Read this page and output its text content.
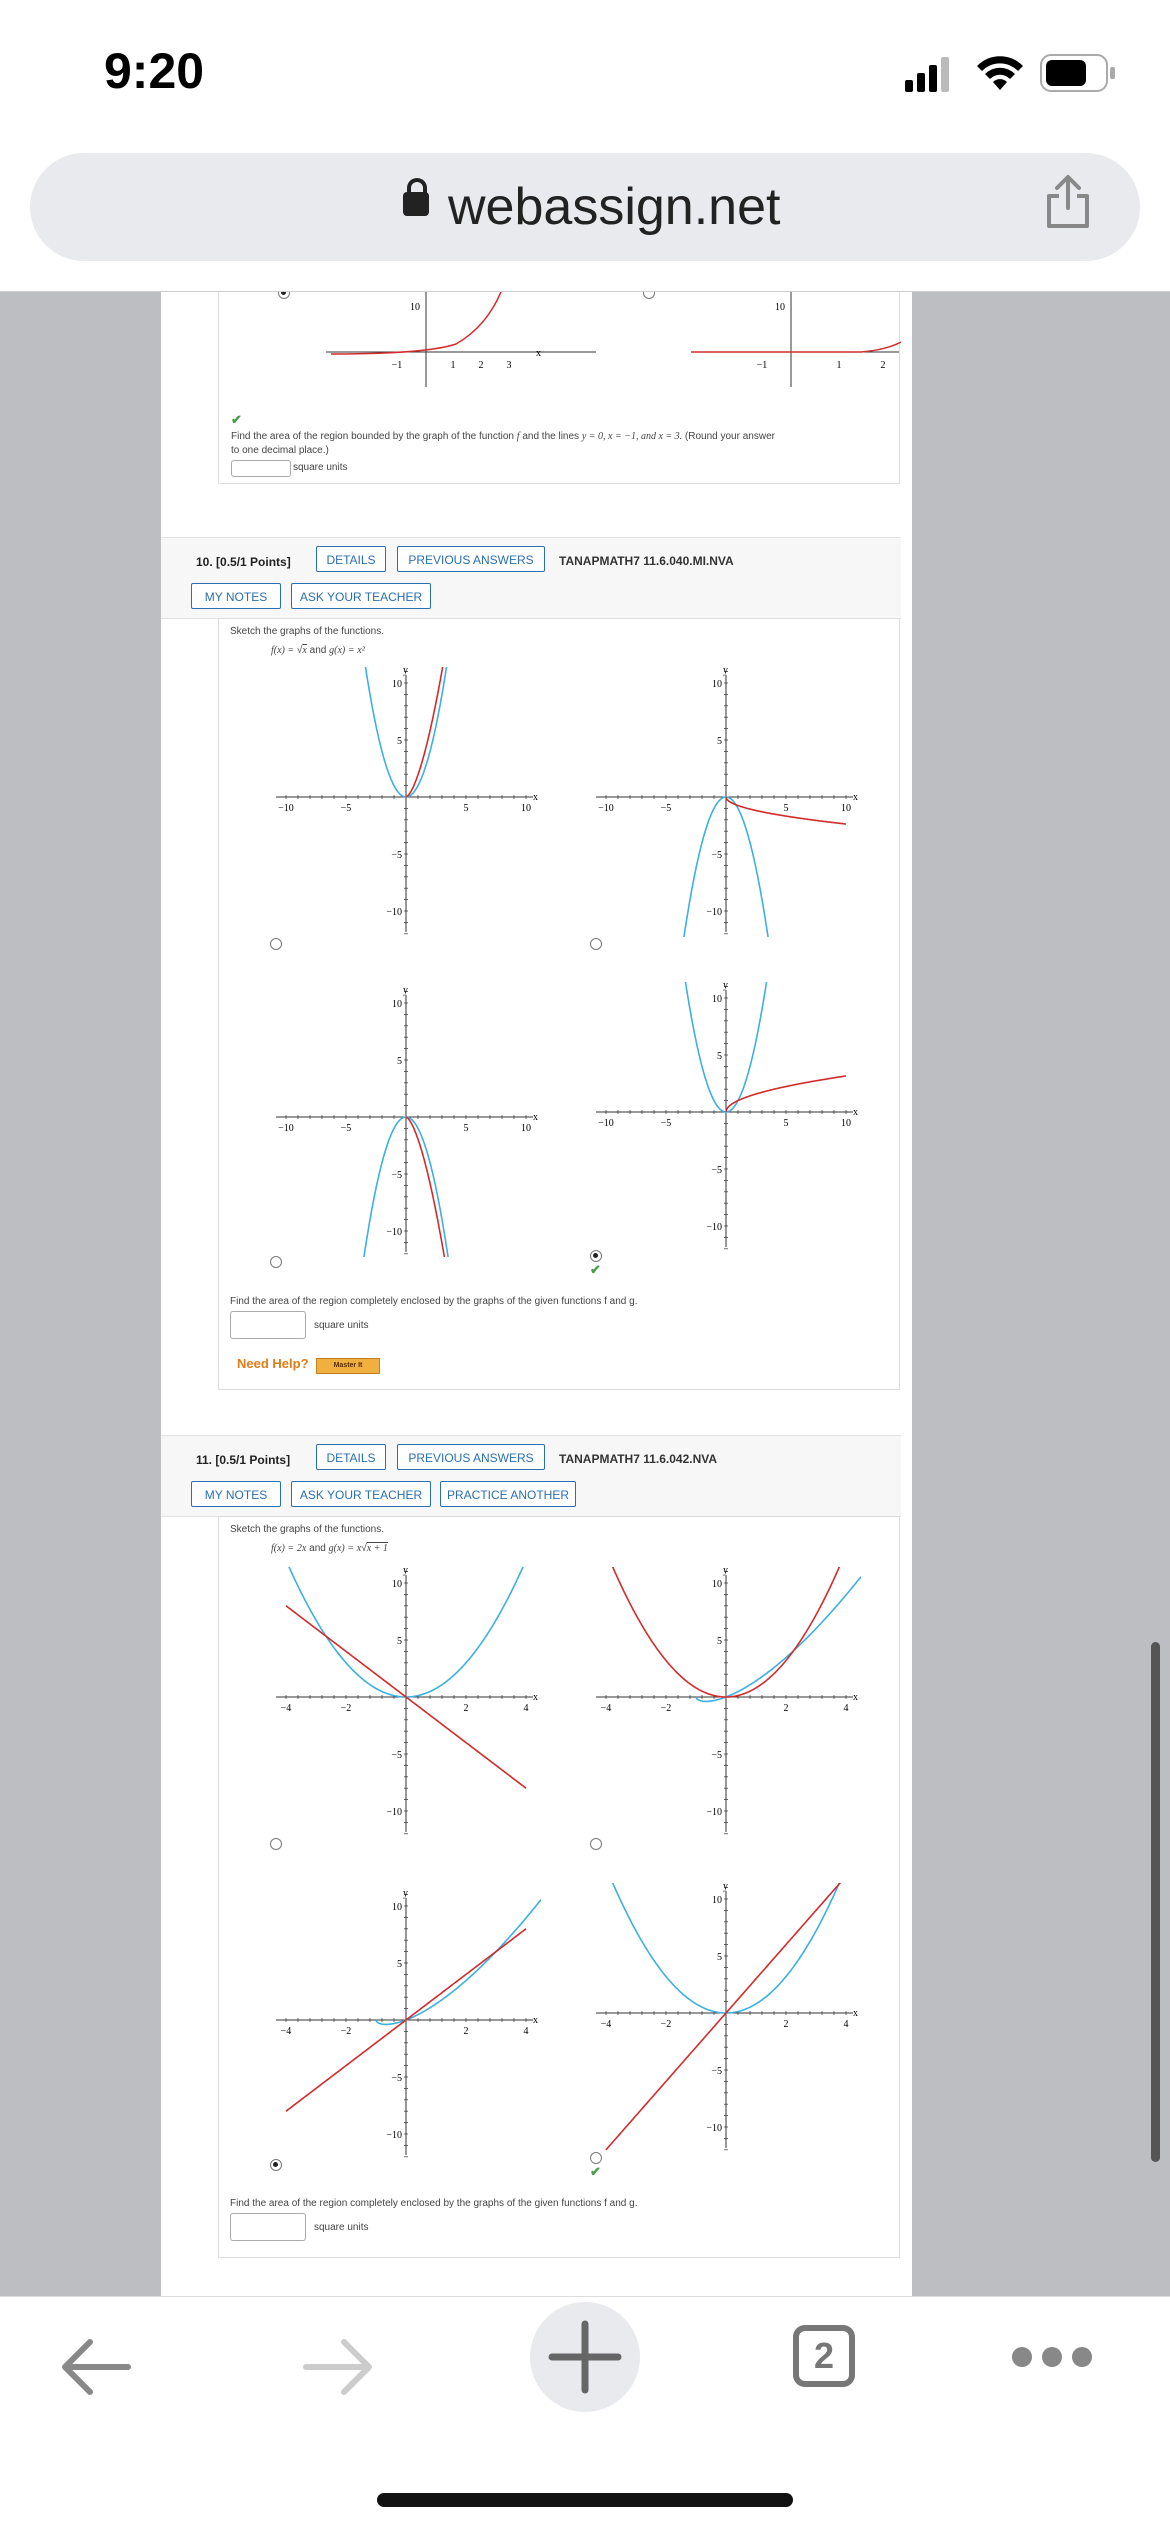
9:20
webassign.net
10
−1	1 2 3
x
10
−1	1	2
✔
Find the area of the region bounded by the graph of the function f and the lines y = 0, x = −1, and x = 3. (Round your answer
to one decimal place.)
square units
10. [0.5/1 Points]	DETAILS	PREVIOUS ANSWERS	TANAPMATH7 11.6.040.MI.NVA
MY NOTES	ASK YOUR TEACHER
Sketch the graphs of the functions.
f(x) = √x and g(x) = x²
−10	−5	5	10
10
5
−5
−10
x
y
−10	−5	5	10
10
5
−5
−10
x
y
−10	−5	5	10
10
5
−5
−10
x
y
−10	−5	5	10
10
5
−5
−10
x
y
✔
Find the area of the region completely enclosed by the graphs of the given functions f and g.
square units
Need Help?	Master It
11. [0.5/1 Points]	DETAILS	PREVIOUS ANSWERS	TANAPMATH7 11.6.042.NVA
MY NOTES	ASK YOUR TEACHER	PRACTICE ANOTHER
Sketch the graphs of the functions.
f(x) = 2x and g(x) = x√x + 1
−4	−2	2	4
10
5
−5
−10
x
y
−4	−2	2	4
10
5
−5
−10
x
y
−4	−2	2	4
10
5
−5
−10
x
y
−4	−2	2	4
10
5
−5
−10
x
y
✔
Find the area of the region completely enclosed by the graphs of the given functions f and g.
square units
2
